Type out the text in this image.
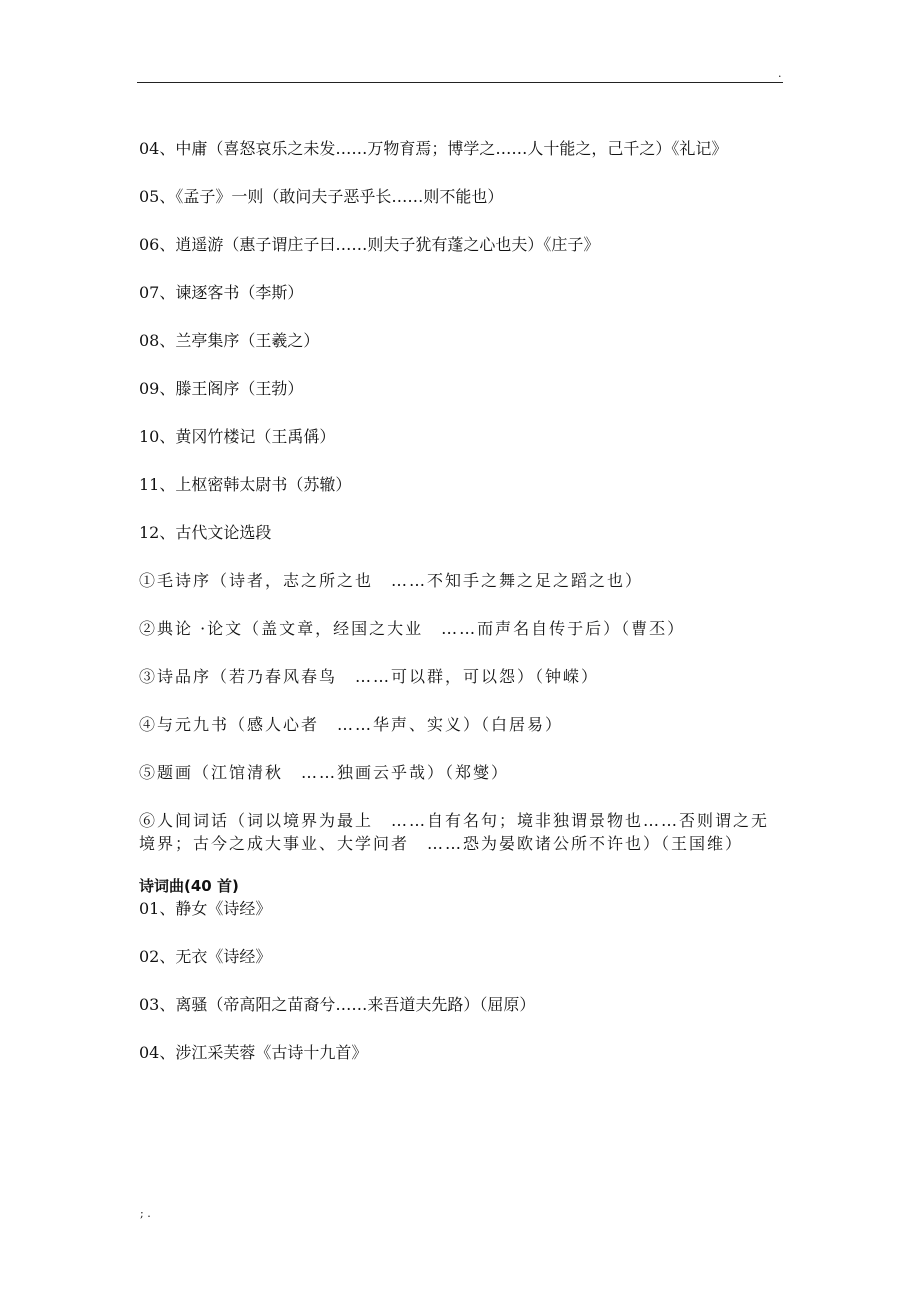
.
04、中庸（喜怒哀乐之未发……万物育焉；博学之……人十能之，己千之）《礼记》
05、《孟子》一则（敢问夫子恶乎长……则不能也）
06、逍遥游（惠子谓庄子曰……则夫子犹有蓬之心也夫）《庄子》
07、谏逐客书（李斯）
08、兰亭集序（王羲之）
09、滕王阁序（王勃）
10、黄冈竹楼记（王禹偁）
11、上枢密韩太尉书（苏辙）
12、古代文论选段
①毛诗序（诗者，志之所之也　……不知手之舞之足之蹈之也）
②典论 ·论文（盖文章，经国之大业　……而声名自传于后）（曹丕）
③诗品序（若乃春风春鸟　……可以群，可以怨）（钟嵘）
④与元九书（感人心者　……华声、实义）（白居易）
⑤题画（江馆清秋　……独画云乎哉）（郑燮）
⑥人间词话（词以境界为最上　……自有名句；境非独谓景物也……否则谓之无境界；古今之成大事业、大学问者　……恐为晏欧诸公所不许也）（王国维）
诗词曲(40 首)
01、静女《诗经》
02、无衣《诗经》
03、离骚（帝高阳之苗裔兮……来吾道夫先路）（屈原）
04、涉江采芙蓉《古诗十九首》
; .
